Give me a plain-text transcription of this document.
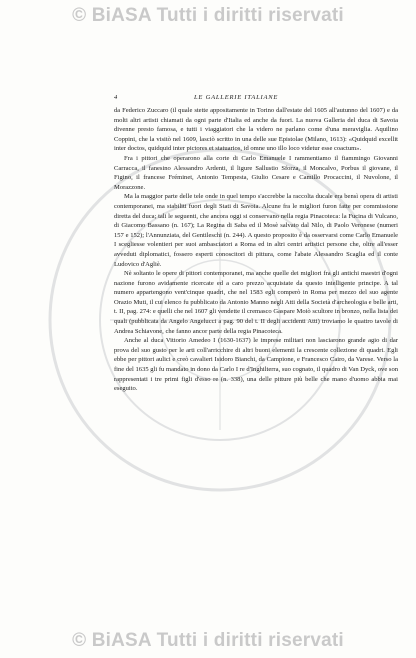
© BiASA Tutti i diritti riservati
4	LE GALLERIE ITALIANE

da Federico Zuccaro (il quale stette appositamente in Torino dall'estate del 1605 all'autunno del 1607) e da molti altri artisti chiamati da ogni parte d'Italia ed anche da fuori. La nuova Galleria del duca di Savoia divenne presto famosa, e tutti i viaggiatori che la videro ne parlano come d'una meraviglia. Aquilino Coppini, che la visitò nel 1609, lasciò scritto in una delle sue Epistolae (Milano, 1613): «Quidquid excellit inter doctos, quidquid inter pictores et statuarios, id omne uno illo loco videtur esse coactum».

Fra i pittori che operarono alla corte di Carlo Emanuele I rammentiamo il fiammingo Giovanni Carracca, il fanesino Alessandro Ardenti, il ligure Sallustio Sforza, il Moncalvo, Porbus il giovane, il Figino, il francese Fréminet, Antonio Tempesta, Giulio Cesare e Camillo Procaccini, il Nuvolone, il Morazzone.

Ma la maggior parte delle tele onde in quel tempo s'accrebbe la raccolta ducale era bensì opera di artisti contemporanei, ma stabiliti fuori degli Stati di Savoia. Alcune fra le migliori furon fatte per commissione diretta del duca; tali le seguenti, che ancora oggi si conservano nella regia Pinacoteca: la Fucina di Vulcano, di Giacomo Bassano (n. 167); La Regina di Saba ed il Mosè salvato dal Nilo, di Paolo Veronese (numeri 157 e 152); l'Annunziata, del Gentileschi (n. 244). A questo proposito è da osservarsi come Carlo Emanuele I scegliesse volentieri per suoi ambasciatori a Roma ed in altri centri artistici persone che, oltre all'esser avveduti diplomatici, fossero esperti conoscitori di pittura, come l'abate Alessandro Scaglia ed il conte Ludovico d'Agliè.

Nè soltanto le opere di pittori contemporanei, ma anche quelle dei migliori fra gli antichi maestri d'ogni nazione furono avidamente ricercate ed a caro prezzo acquistate da questo intelligente principe. A tal numero appartengono vent'cinque quadri, che nel 1583 egli comperò in Roma per mezzo del suo agente Orazio Muti, il cui elenco fu pubblicato da Antonio Manno negli Atti della Società d'archeologia e belle arti, t. II, pag. 274: e quelli che nel 1607 gli vendette il cremasco Gaspare Moiò scultore in bronzo, nella lista dei quali (pubblicata da Angelo Angelucci a pag. 90 del t. II degli accidenti Atti) troviamo le quattro tavole di Andrea Schiavone, che fanno ancor parte della regia Pinacoteca.

Anche al duca Vittorio Amedeo I (1630-1637) le imprese militari non lasciarono grande agio di dar prova del suo gusto per le arti coll'arricchire di altri buoni elementi la crescente collezione di quadri. Egli ebbe per pittori aulici e creò cavalieri Isidoro Bianchi, da Campione, e Francesco Cairo, da Varese. Verso la fine del 1635 gli fu mandato in dono da Carlo I re d'Inghilterra, suo cognato, il quadro di Van Dyck, ove son rappresentati i tre primi figli d'esso re (n. 338), una delle pitture più belle che mano d'uomo abbia mai eseguito.

© BiASA Tutti i diritti riservati
